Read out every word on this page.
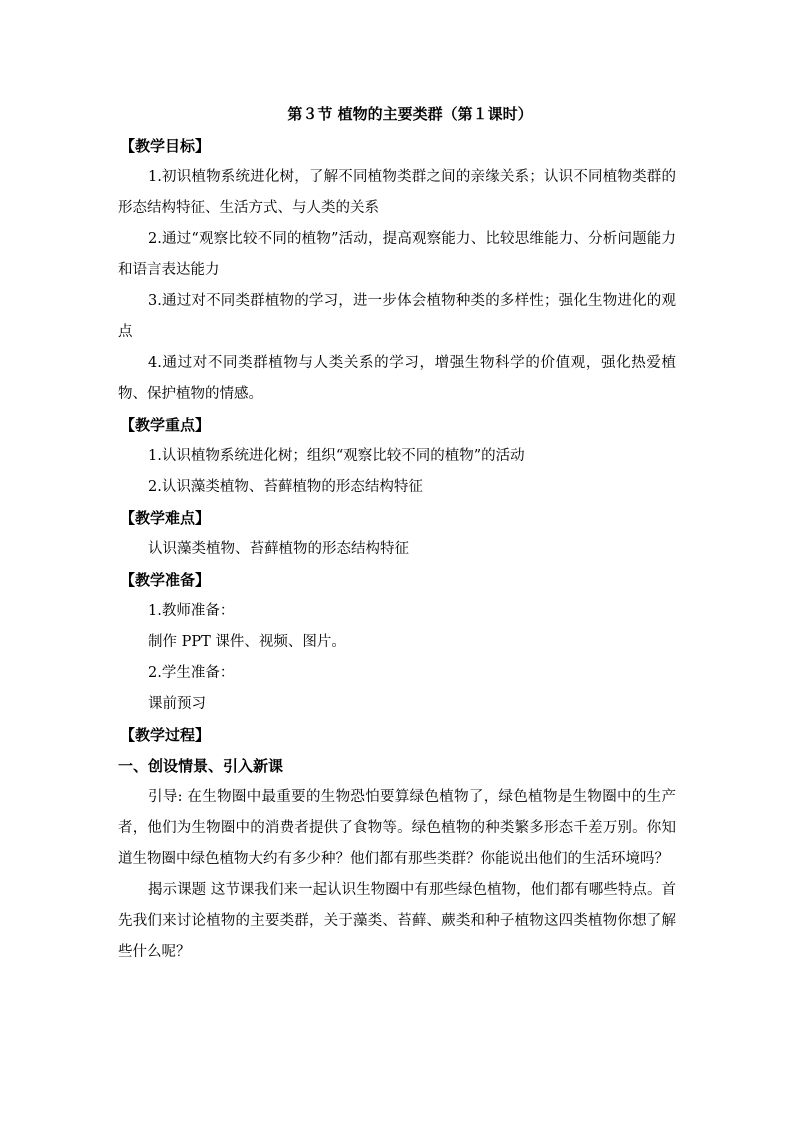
第３节 植物的主要类群（第１课时）
【教学目标】

1.初识植物系统进化树，了解不同植物类群之间的亲缘关系；认识不同植物类群的形态结构特征、生活方式、与人类的关系

2.通过“观察比较不同的植物”活动，提高观察能力、比较思维能力、分析问题能力和语言表达能力

3.通过对不同类群植物的学习，进一步体会植物种类的多样性；强化生物进化的观点

4.通过对不同类群植物与人类关系的学习，增强生物科学的价值观，强化热爱植物、保护植物的情感。

【教学重点】
1.认识植物系统进化树；组织“观察比较不同的植物”的活动
2.认识藻类植物、苔藓植物的形态结构特征
【教学难点】
认识藻类植物、苔藓植物的形态结构特征
【教学准备】
1.教师准备：
制作 PPT 课件、视频、图片。
2.学生准备：
课前预习
【教学过程】
一、创设情景、引入新课

引导: 在生物圈中最重要的生物恐怕要算绿色植物了，绿色植物是生物圈中的生产者，他们为生物圈中的消费者提供了食物等。绿色植物的种类繁多形态千差万别。你知道生物圈中绿色植物大约有多少种？他们都有那些类群？你能说出他们的生活环境吗？

揭示课题 这节课我们来一起认识生物圈中有那些绿色植物，他们都有哪些特点。首先我们来讨论植物的主要类群，关于藻类、苔藓、蕨类和种子植物这四类植物你想了解些什么呢？
